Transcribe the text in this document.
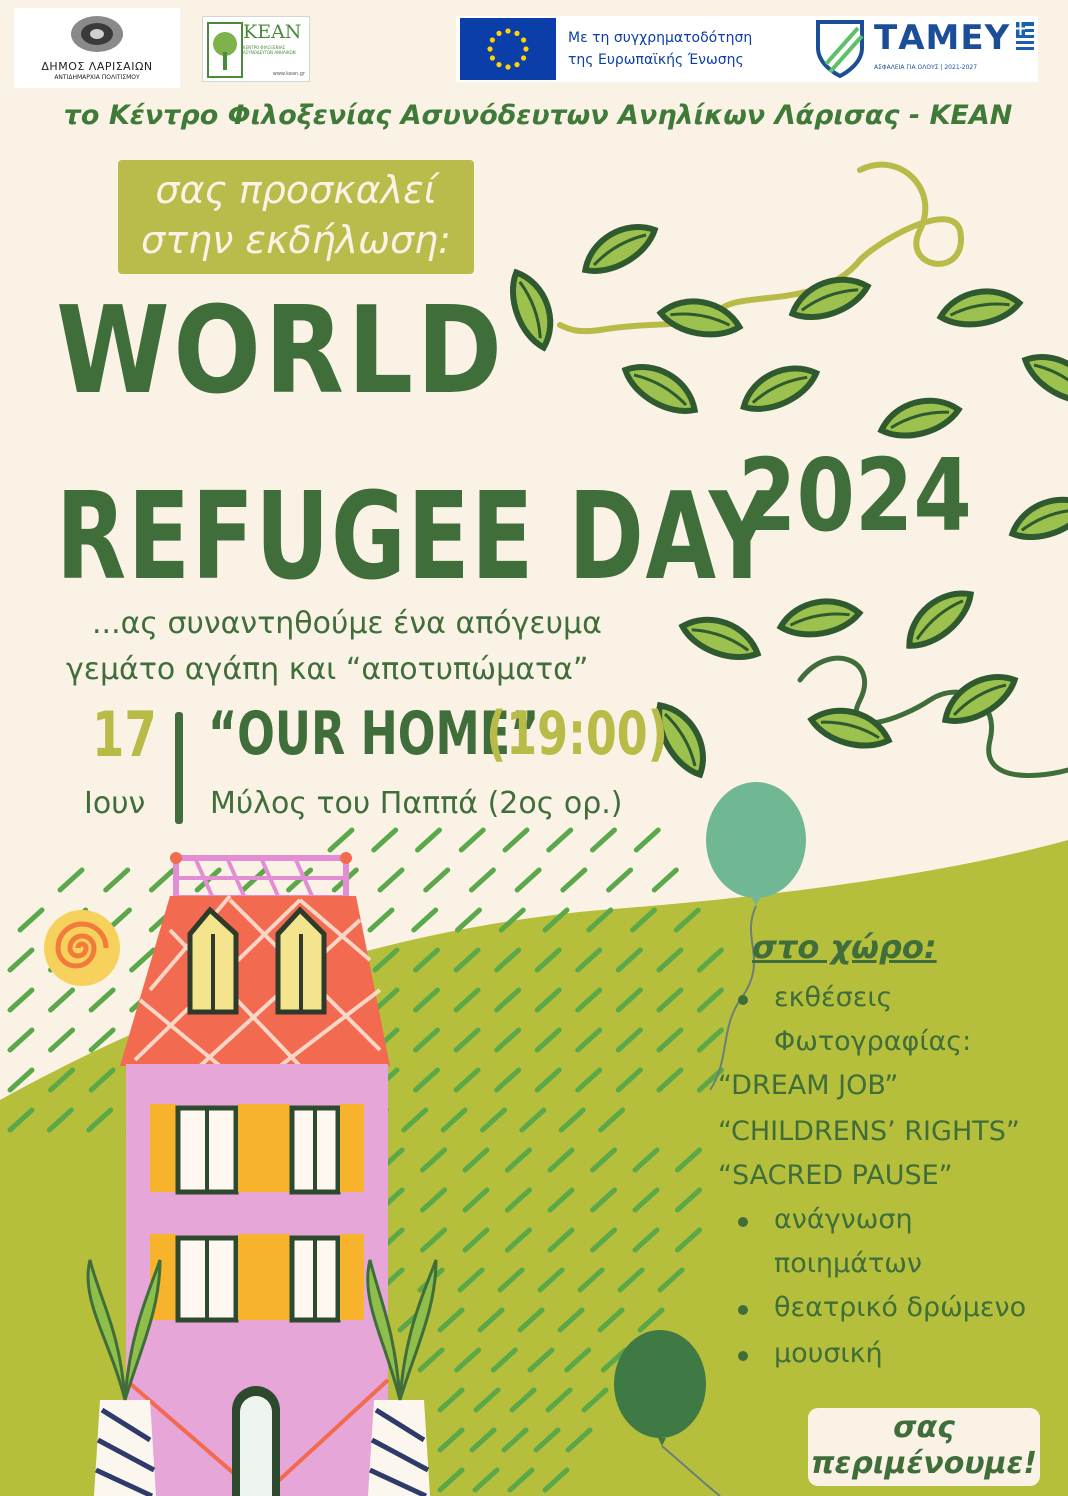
ΔΗΜΟΣ ΛΑΡΙΣΑΙΩΝ
ΑΝΤΙΔΗΜΑΡΧΙΑ ΠΟΛΙΤΙΣΜΟΥ
ΚΕΑΝ
ΚΕΝΤΡΟ ΦΙΛΟΞΕΝΙΑΣ ΑΣΥΝΟΔΕΥΤΩΝ ΑΝΗΛΙΚΩΝ
www.kean.gr
Με τη συγχρηματοδότηση
της Ευρωπαϊκής Ένωσης
ΤΑΜΕΥ
ΑΣΦΑΛΕΙΑ ΓΙΑ ΟΛΟΥΣ | 2021-2027
το Κέντρο Φιλοξενίας Ασυνόδευτων Ανηλίκων Λάρισας - ΚΕΑΝ
σας προσκαλεί
στην εκδήλωση:
WORLD
REFUGEE DAY
2024
...ας συναντηθούμε ένα απόγευμα
γεμάτο αγάπη και “αποτυπώματα”
17
Ιουν
“OUR HOME”
(19:00)
Μύλος του Παππά (2ος ορ.)
στο χώρο:
εκθέσεις
Φωτογραφίας:
“DREAM JOB”
“CHILDRENS’ RIGHTS”
“SACRED PAUSE”
ανάγνωση
ποιημάτων
θεατρικό δρώμενο
μουσική
σας
περιμένουμε!
